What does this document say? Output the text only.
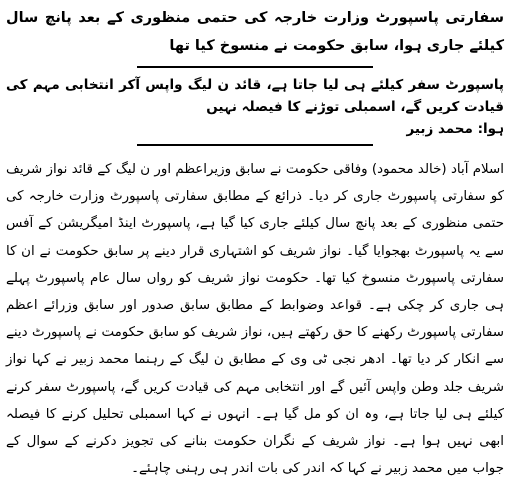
سفارتی پاسپورٹ وزارت خارجہ کی حتمی منظوری کے بعد پانچ سال کیلئے جاری ہوا، سابق حکومت نے منسوخ کیا تھا
پاسپورٹ سفر کیلئے ہی لیا جاتا ہے، قائد ن لیگ واپس آکر انتخابی مہم کی قیادت کریں گے، اسمبلی توڑنے کا فیصلہ نہیں
ہوا: محمد زبیر

اسلام آباد (خالد محمود) وفاقی حکومت نے سابق وزیراعظم اور ن لیگ کے قائد نواز شریف کو سفارتی پاسپورٹ جاری کر دیا۔ ذرائع کے مطابق سفارتی پاسپورٹ وزارت خارجہ کی حتمی منظوری کے بعد پانچ سال کیلئے جاری کیا گیا ہے، پاسپورٹ اینڈ امیگریشن کے آفس سے یہ پاسپورٹ بھجوایا گیا۔ نواز شریف کو اشتہاری قرار دینے پر سابق حکومت نے ان کا سفارتی پاسپورٹ منسوخ کیا تھا۔ حکومت نواز شریف کو رواں سال عام پاسپورٹ پہلے ہی جاری کر چکی ہے۔ قواعد وضوابط کے مطابق سابق صدور اور سابق وزرائے اعظم سفارتی پاسپورٹ رکھنے کا حق رکھتے ہیں، نواز شریف کو سابق حکومت نے پاسپورٹ دینے سے انکار کر دیا تھا۔ ادھر نجی ٹی وی کے مطابق ن لیگ کے رہنما محمد زبیر نے کہا نواز شریف جلد وطن واپس آئیں گے اور انتخابی مہم کی قیادت کریں گے، پاسپورٹ سفر کرنے کیلئے ہی لیا جاتا ہے، وہ ان کو مل گیا ہے۔ انہوں نے کہا اسمبلی تحلیل کرنے کا فیصلہ ابھی نہیں ہوا ہے۔ نواز شریف کے نگران حکومت بنانے کی تجویز دکرنے کے سوال کے جواب میں محمد زبیر نے کہا کہ اندر کی بات اندر ہی رہنی چاہئے۔
